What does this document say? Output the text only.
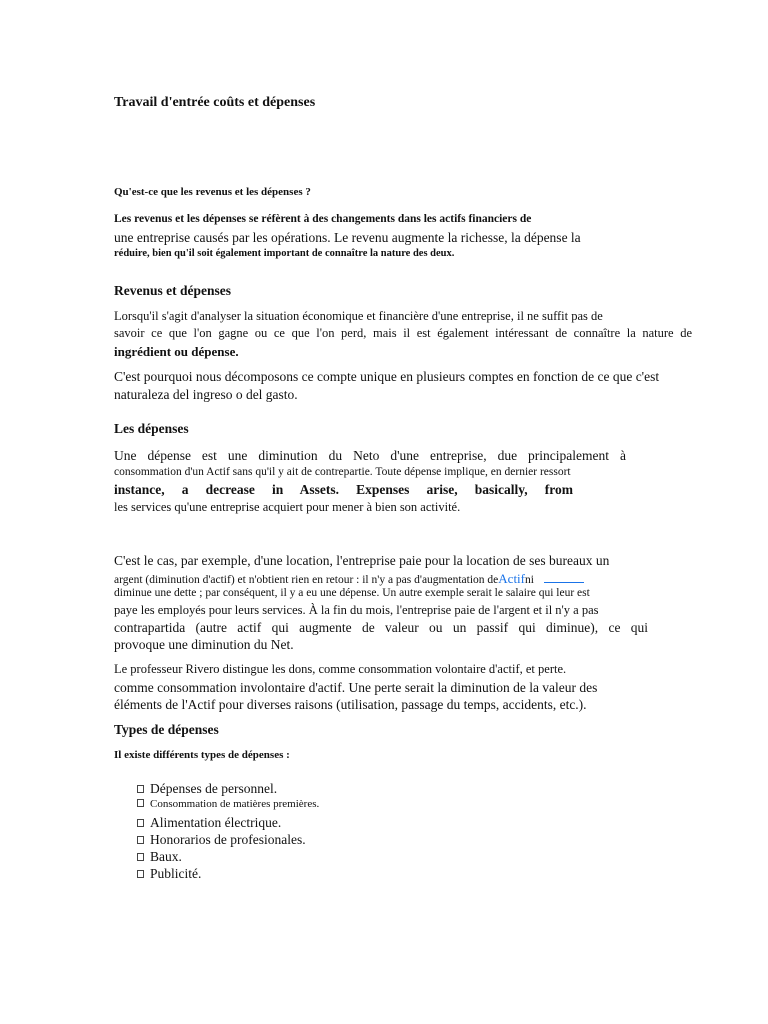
Travail d'entrée coûts et dépenses

Qu'est-ce que les revenus et les dépenses ?

Les revenus et les dépenses se réfèrent à des changements dans les actifs financiers de

une entreprise causés par les opérations. Le revenu augmente la richesse, la dépense la

réduire, bien qu'il soit également important de connaître la nature des deux.

Revenus et dépenses

Lorsqu'il s'agit d'analyser la situation économique et financière d'une entreprise, il ne suffit pas de

savoir ce que l'on gagne ou ce que l'on perd, mais il est également intéressant de connaître la nature de

ingrédient ou dépense.

C'est pourquoi nous décomposons ce compte unique en plusieurs comptes en fonction de ce que c'est

naturaleza del ingreso o del gasto.

Les dépenses

Une dépense est une diminution du Neto d'une entreprise, due principalement à

consommation d'un Actif sans qu'il y ait de contrepartie. Toute dépense implique, en dernier ressort

instance, a decrease in Assets. Expenses arise, basically, from

les services qu'une entreprise acquiert pour mener à bien son activité.

C'est le cas, par exemple, d'une location, l'entreprise paie pour la location de ses bureaux un

argent (diminution d'actif) et n'obtient rien en retour : il n'y a pas d'augmentation deActifni

diminue une dette ; par conséquent, il y a eu une dépense. Un autre exemple serait le salaire qui leur est

paye les employés pour leurs services. À la fin du mois, l'entreprise paie de l'argent et il n'y a pas

contrapartida (autre actif qui augmente de valeur ou un passif qui diminue), ce qui

provoque une diminution du Net.

Le professeur Rivero distingue les dons, comme consommation volontaire d'actif, et perte.

comme consommation involontaire d'actif. Une perte serait la diminution de la valeur des

éléments de l'Actif pour diverses raisons (utilisation, passage du temps, accidents, etc.).

Types de dépenses

Il existe différents types de dépenses :

Dépenses de personnel.
Consommation de matières premières.
Alimentation électrique.
Honorarios de profesionales.
Baux.
Publicité.
